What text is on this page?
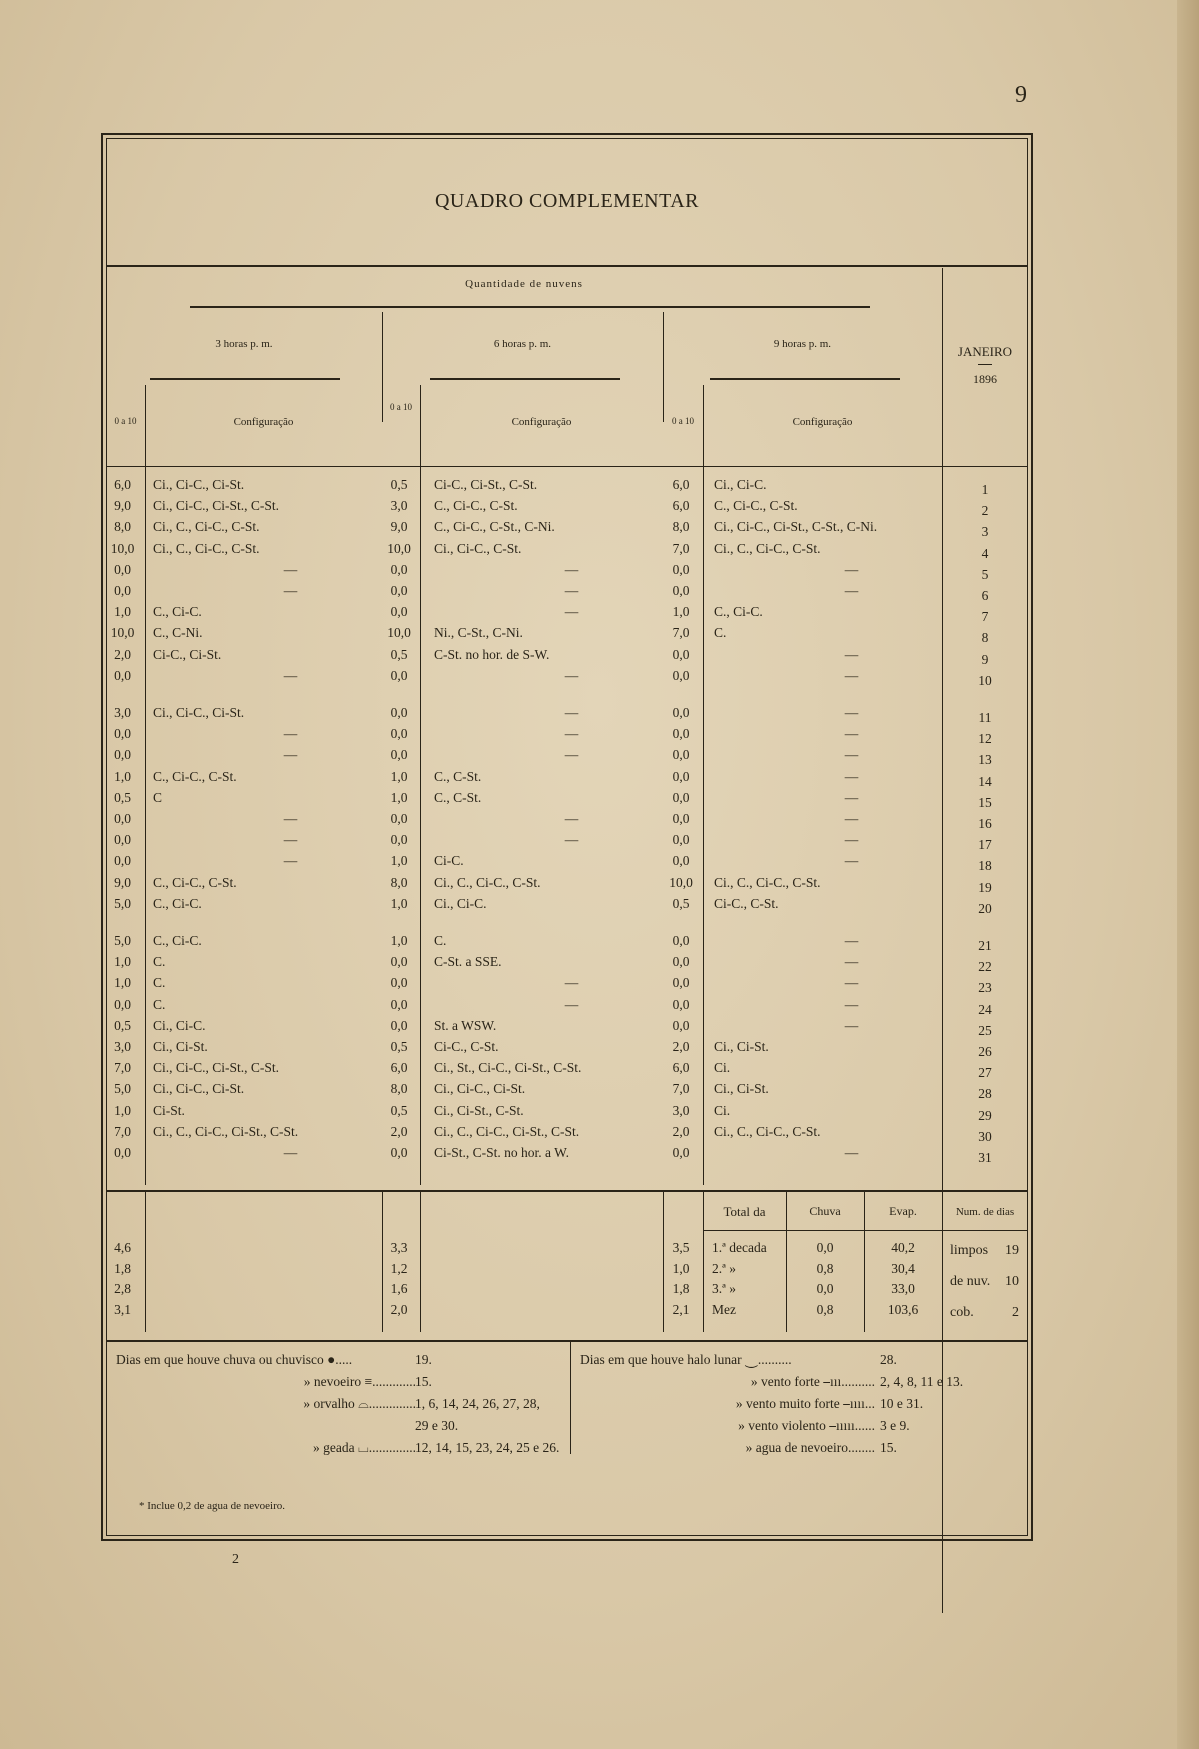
9
QUADRO COMPLEMENTAR
Quantidade de nuvens
3 horas p. m.	6 horas p. m.	9 horas p. m.	JANEIRO
1896
0 a 10	Configuração
0 a 10
Configuração	0 a 10	Configuração
6,0	Ci., Ci-C., Ci-St.	0,5	Ci-C., Ci-St., C-St.	6,0	Ci., Ci-C.	1
9,0	Ci., Ci-C., Ci-St., C-St.	3,0	C., Ci-C., C-St.	6,0	C., Ci-C., C-St.	2
8,0	Ci., C., Ci-C., C-St.	9,0	C., Ci-C., C-St., C-Ni.	8,0	Ci., Ci-C., Ci-St., C-St., C-Ni.	3
10,0	Ci., C., Ci-C., C-St.	10,0	Ci., Ci-C., C-St.	7,0	Ci., C., Ci-C., C-St.	4
0,0	—	0,0	—	0,0	—	5
0,0	—	0,0	—	0,0	—	6
1,0	C., Ci-C.	0,0	—	1,0	C., Ci-C.	7
10,0	C., C-Ni.	10,0	Ni., C-St., C-Ni.	7,0	C.	8
2,0	Ci-C., Ci-St.	0,5	C-St. no hor. de S-W.	0,0	—	9
0,0	—	0,0	—	0,0	—	10
3,0	Ci., Ci-C., Ci-St.	0,0	—	0,0	—	11
0,0	—	0,0	—	0,0	—	12
0,0	—	0,0	—	0,0	—	13
1,0	C., Ci-C., C-St.	1,0	C., C-St.	0,0	—	14
0,5	C	1,0	C., C-St.	0,0	—	15
0,0	—	0,0	—	0,0	—	16
0,0	—	0,0	—	0,0	—	17
0,0	—	1,0	Ci-C.	0,0	—	18
9,0	C., Ci-C., C-St.	8,0	Ci., C., Ci-C., C-St.	10,0	Ci., C., Ci-C., C-St.	19
5,0	C., Ci-C.	1,0	Ci., Ci-C.	0,5	Ci-C., C-St.	20
5,0	C., Ci-C.	1,0	C.	0,0	—	21
1,0	C.	0,0	C-St. a SSE.	0,0	—	22
1,0	C.	0,0	—	0,0	—	23
0,0	C.	0,0	—	0,0	—	24
0,5	Ci., Ci-C.	0,0	St. a WSW.	0,0	—	25
3,0	Ci., Ci-St.	0,5	Ci-C., C-St.	2,0	Ci., Ci-St.	26
7,0	Ci., Ci-C., Ci-St., C-St.	6,0	Ci., St., Ci-C., Ci-St., C-St.	6,0	Ci.	27
5,0	Ci., Ci-C., Ci-St.	8,0	Ci., Ci-C., Ci-St.	7,0	Ci., Ci-St.	28
1,0	Ci-St.	0,5	Ci., Ci-St., C-St.	3,0	Ci.	29
7,0	Ci., C., Ci-C., Ci-St., C-St.	2,0	Ci., C., Ci-C., Ci-St., C-St.	2,0	Ci., C., Ci-C., C-St.	30
0,0	—	0,0	Ci-St., C-St. no hor. a W.	0,0	—	31
Total da	Chuva	Evap.	Num. de dias
4,6	3,3	3,5	1.ª decada	0,0	40,2
1,8	1,2	1,0	2.ª »	0,8	30,4
2,8	1,6	1,8	3.ª »	0,0	33,0
3,1	2,0	2,1	Mez	0,8	103,6
limpos 19
de nuv. 10
cob.	2
Dias em que houve chuva ou chuvisco ●.....	19.
» nevoeiro ≡............. 15.
» orvalho ⌓.............. 1, 6, 14, 24, 26, 27, 28,
29 e 30.
» geada ⌴.............. 12, 14, 15, 23, 24, 25 e 26.
Dias em que houve halo lunar ⏝..........	28.
» vento forte ⎯ııı.......... 2, 4, 8, 11 e 13.
» vento muito forte ⎯ıııı... 10 e 31.
» vento violento ⎯ııııı...... 3 e 9.
» agua de nevoeiro........ 15.
* Inclue 0,2 de agua de nevoeiro.
2
